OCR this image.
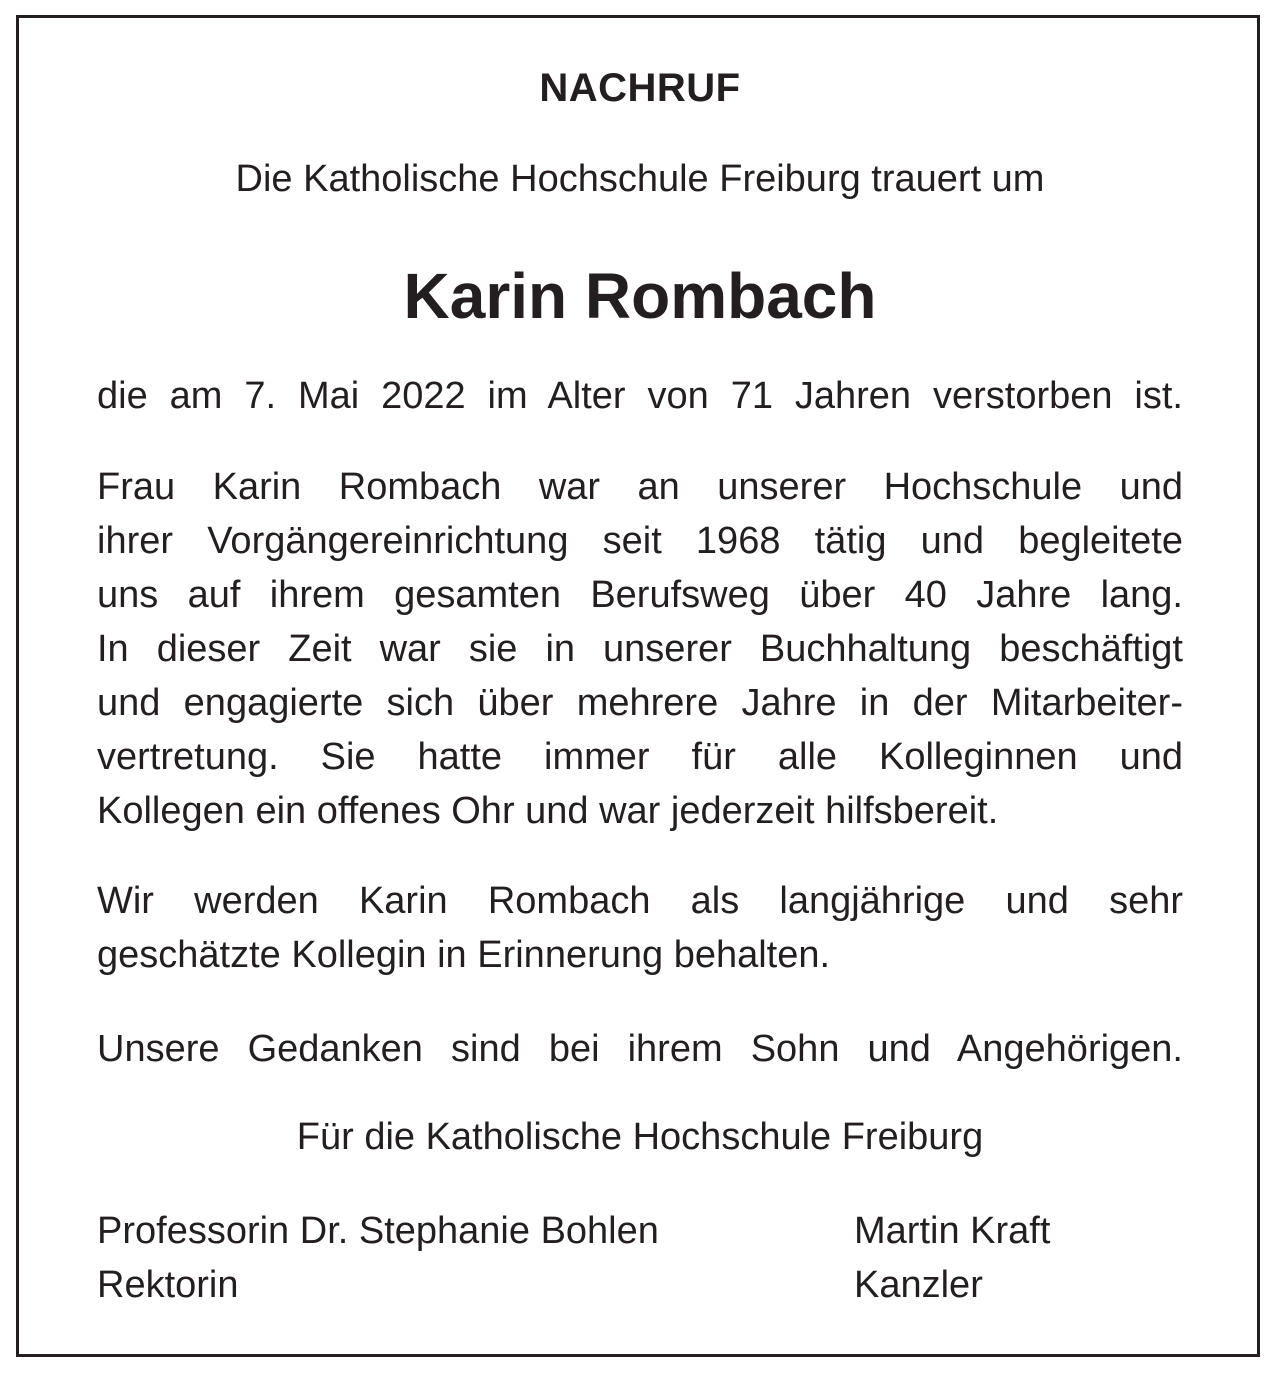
NACHRUF
Die Katholische Hochschule Freiburg trauert um
Karin Rombach
die am 7. Mai 2022 im Alter von 71 Jahren verstorben ist.
Frau Karin Rombach war an unserer Hochschule und
ihrer Vorgängereinrichtung seit 1968 tätig und begleitete
uns auf ihrem gesamten Berufsweg über 40 Jahre lang.
In dieser Zeit war sie in unserer Buchhaltung beschäftigt
und engagierte sich über mehrere Jahre in der Mitarbeiter-
vertretung. Sie hatte immer für alle Kolleginnen und
Kollegen ein offenes Ohr und war jederzeit hilfsbereit.
Wir werden Karin Rombach als langjährige und sehr
geschätzte Kollegin in Erinnerung behalten.
Unsere Gedanken sind bei ihrem Sohn und Angehörigen.
Für die Katholische Hochschule Freiburg
Professorin Dr. Stephanie Bohlen
Rektorin
Martin Kraft
Kanzler
